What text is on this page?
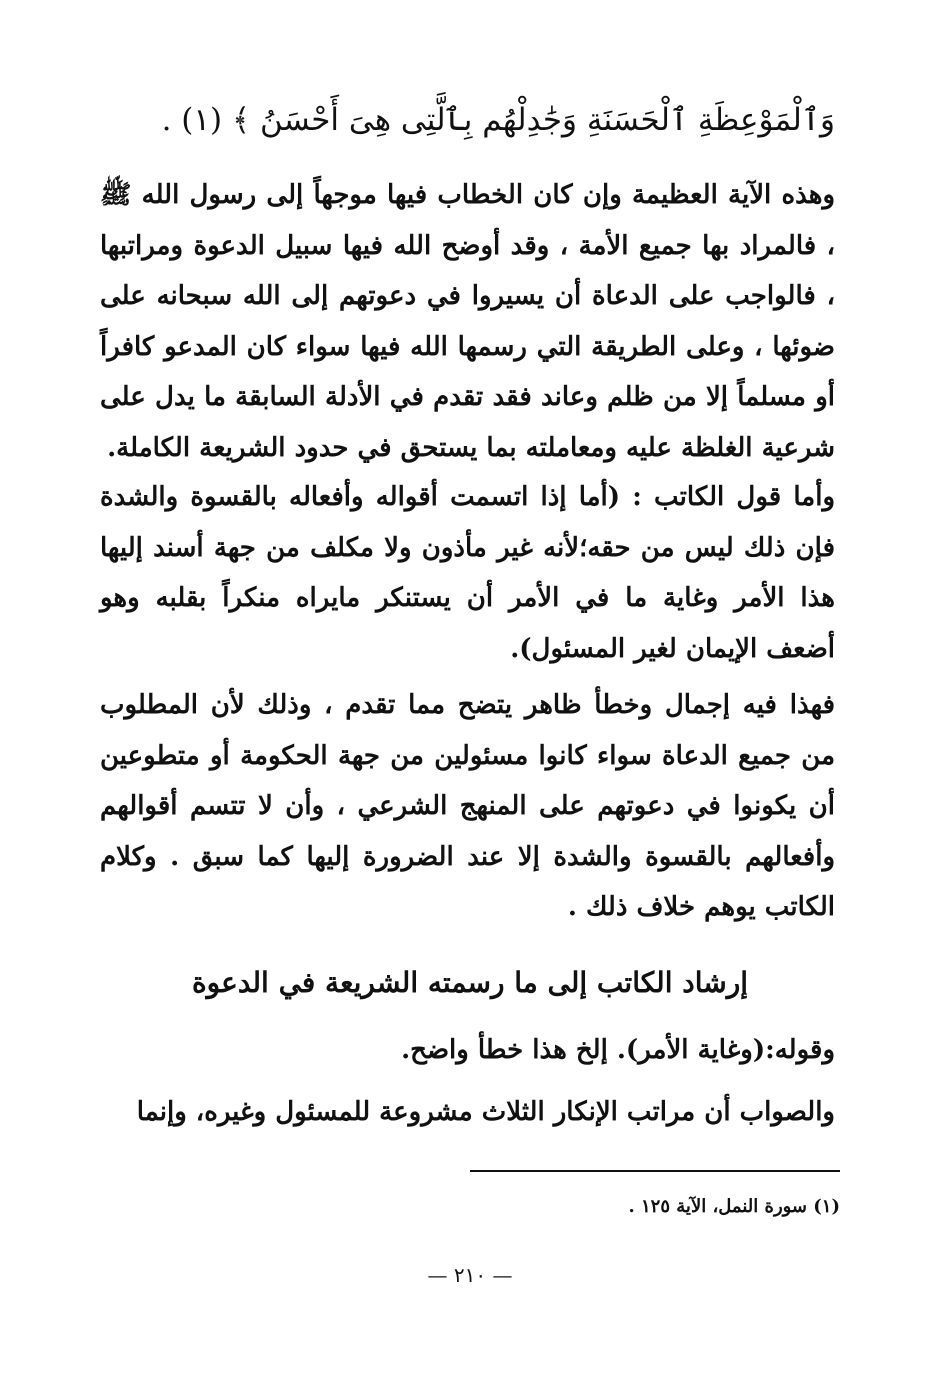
وَٱلْمَوْعِظَةِ ٱلْحَسَنَةِ وَجَٰدِلْهُم بِٱلَّتِى هِىَ أَحْسَنُ ﴾ (١) .

وهذه الآية العظيمة وإن كان الخطاب فيها موجهاً إلى رسول الله ﷺ ، فالمراد بها جميع الأمة ، وقد أوضح الله فيها سبيل الدعوة ومراتبها ، فالواجب على الدعاة أن يسيروا في دعوتهم إلى الله سبحانه على ضوئها ، وعلى الطريقة التي رسمها الله فيها سواء كان المدعو كافراً أو مسلماً إلا من ظلم وعاند فقد تقدم في الأدلة السابقة ما يدل على شرعية الغلظة عليه ومعاملته بما يستحق في حدود الشريعة الكاملة.

وأما قول الكاتب : (أما إذا اتسمت أقواله وأفعاله بالقسوة والشدة فإن ذلك ليس من حقه؛لأنه غير مأذون ولا مكلف من جهة أسند إليها هذا الأمر وغاية ما في الأمر أن يستنكر مايراه منكراً بقلبه وهو أضعف الإيمان لغير المسئول).

فهذا فيه إجمال وخطأ ظاهر يتضح مما تقدم ، وذلك لأن المطلوب من جميع الدعاة سواء كانوا مسئولين من جهة الحكومة أو متطوعين أن يكونوا في دعوتهم على المنهج الشرعي ، وأن لا تتسم أقوالهم وأفعالهم بالقسوة والشدة إلا عند الضرورة إليها كما سبق . وكلام الكاتب يوهم خلاف ذلك .

إرشاد الكاتب إلى ما رسمته الشريعة في الدعوة

وقوله:(وغاية الأمر). إلخ هذا خطأ واضح.

والصواب أن مراتب الإنكار الثلاث مشروعة للمسئول وغيره، وإنما

(١) سورة النمل، الآية ١٢٥ .

— ٢١٠ —
